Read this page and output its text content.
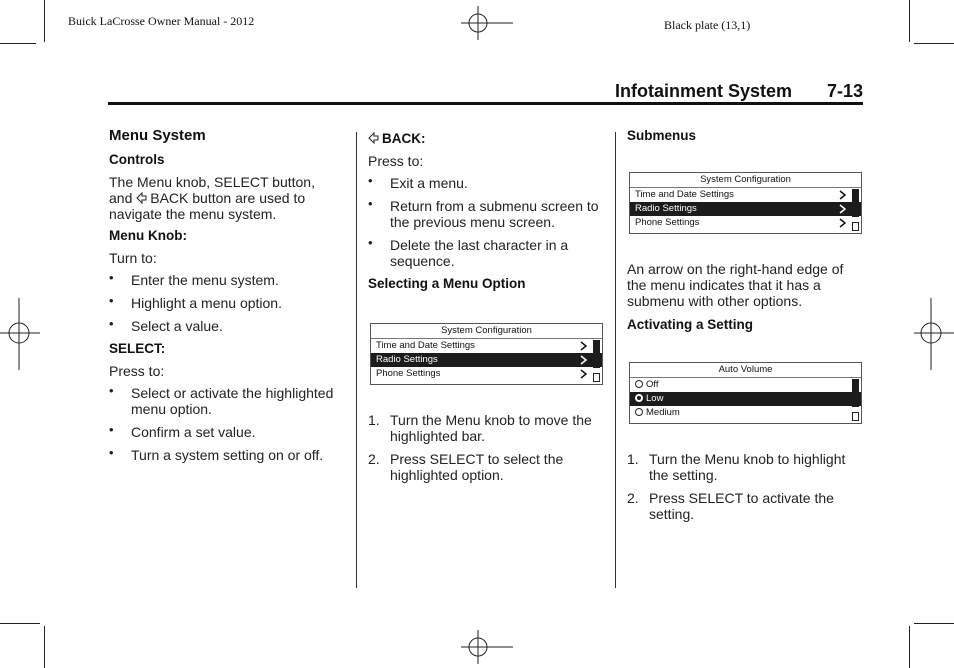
Buick LaCrosse Owner Manual - 2012	Black plate (13,1)
Infotainment System 7-13
Menu System
Controls

The Menu knob, SELECT button,
and BACK button are used to
navigate the menu system.

Menu Knob:

Turn to:

• Enter the menu system.
• Highlight a menu option.
• Select a value.
SELECT:

Press to:

• Select or activate the highlighted menu option.
• Confirm a set value.
• Turn a system setting on or off.
BACK:

Press to:

• Exit a menu.
• Return from a submenu screen to the previous menu screen.
• Delete the last character in a sequence.
Selecting a Menu Option
System Configuration
Time and Date Settings
Radio Settings
Phone Settings
1. Turn the Menu knob to move the highlighted bar.
2. Press SELECT to select the highlighted option.
Submenus
System Configuration
Time and Date Settings
Radio Settings
Phone Settings

An arrow on the right-hand edge of the menu indicates that it has a submenu with other options.

Activating a Setting
Auto Volume
Off
Low
Medium
1. Turn the Menu knob to highlight the setting.
2. Press SELECT to activate the setting.
